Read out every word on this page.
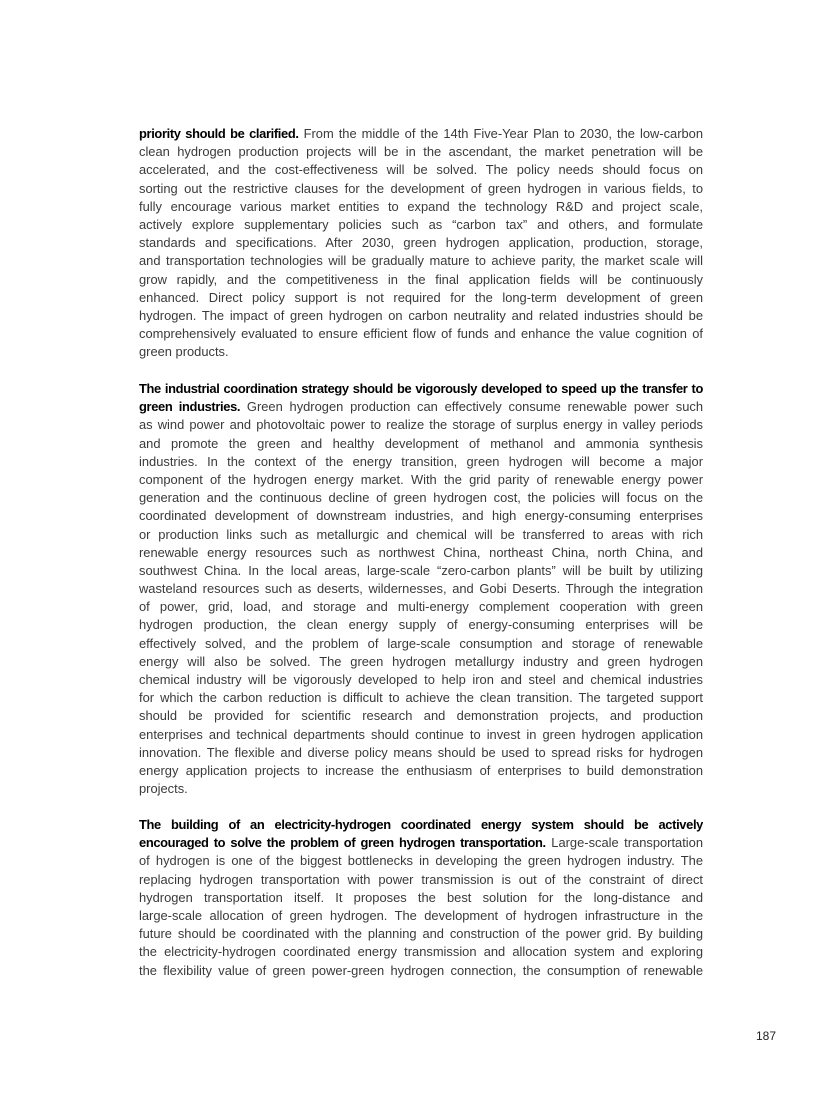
priority should be clarified. From the middle of the 14th Five-Year Plan to 2030, the low-carbon
clean hydrogen production projects will be in the ascendant, the market penetration will be
accelerated, and the cost-effectiveness will be solved. The policy needs should focus on
sorting out the restrictive clauses for the development of green hydrogen in various fields, to
fully encourage various market entities to expand the technology R&D and project scale,
actively explore supplementary policies such as “carbon tax” and others, and formulate
standards and specifications. After 2030, green hydrogen application, production, storage,
and transportation technologies will be gradually mature to achieve parity, the market scale will
grow rapidly, and the competitiveness in the final application fields will be continuously
enhanced. Direct policy support is not required for the long-term development of green
hydrogen. The impact of green hydrogen on carbon neutrality and related industries should be
comprehensively evaluated to ensure efficient flow of funds and enhance the value cognition of
green products.
The industrial coordination strategy should be vigorously developed to speed up the transfer to
green industries. Green hydrogen production can effectively consume renewable power such
as wind power and photovoltaic power to realize the storage of surplus energy in valley periods
and promote the green and healthy development of methanol and ammonia synthesis
industries. In the context of the energy transition, green hydrogen will become a major
component of the hydrogen energy market. With the grid parity of renewable energy power
generation and the continuous decline of green hydrogen cost, the policies will focus on the
coordinated development of downstream industries, and high energy-consuming enterprises
or production links such as metallurgic and chemical will be transferred to areas with rich
renewable energy resources such as northwest China, northeast China, north China, and
southwest China. In the local areas, large-scale “zero-carbon plants” will be built by utilizing
wasteland resources such as deserts, wildernesses, and Gobi Deserts. Through the integration
of power, grid, load, and storage and multi-energy complement cooperation with green
hydrogen production, the clean energy supply of energy-consuming enterprises will be
effectively solved, and the problem of large-scale consumption and storage of renewable
energy will also be solved. The green hydrogen metallurgy industry and green hydrogen
chemical industry will be vigorously developed to help iron and steel and chemical industries
for which the carbon reduction is difficult to achieve the clean transition. The targeted support
should be provided for scientific research and demonstration projects, and production
enterprises and technical departments should continue to invest in green hydrogen application
innovation. The flexible and diverse policy means should be used to spread risks for hydrogen
energy application projects to increase the enthusiasm of enterprises to build demonstration
projects.
The building of an electricity-hydrogen coordinated energy system should be actively
encouraged to solve the problem of green hydrogen transportation. Large-scale transportation
of hydrogen is one of the biggest bottlenecks in developing the green hydrogen industry. The
replacing hydrogen transportation with power transmission is out of the constraint of direct
hydrogen transportation itself. It proposes the best solution for the long-distance and
large-scale allocation of green hydrogen. The development of hydrogen infrastructure in the
future should be coordinated with the planning and construction of the power grid. By building
the electricity-hydrogen coordinated energy transmission and allocation system and exploring
the flexibility value of green power-green hydrogen connection, the consumption of renewable
187
